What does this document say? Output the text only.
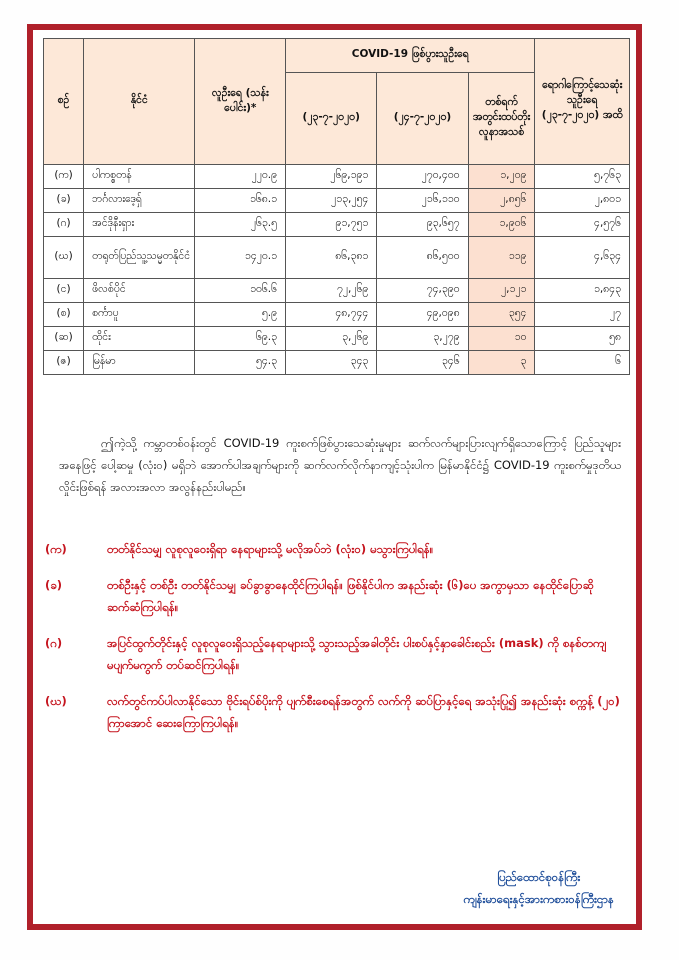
စဉ်	နိုင်ငံ	လူဦးရေ (သန်းပေါင်း)*	COVID-19 ဖြစ်ပွားသူဦးရေ			ရောဂါကြောင့်သေဆုံးသူဦးရေ (၂၃-၇-၂၀၂၀) အထိ
			(၂၃-၇-၂၀၂၀)	(၂၄-၇-၂၀၂၀)	တစ်ရက်အတွင်းထပ်တိုးလူနာအသစ်	
(က)	ပါကစ္စတန်	၂၂၀.၉	၂၆၉,၁၉၁	၂၇၀,၄၀၀	၁,၂၀၉	၅,၇၆၃
(ခ)	ဘင်္ဂလားဒေ့ရှ်	၁၆၈.၁	၂၁၃,၂၅၄	၂၁၆,၁၁၀	၂,၈၅၆	၂,၈၀၁
(ဂ)	အင်ဒိုနီးရှား	၂၆၃.၅	၉၁,၇၅၁	၉၃,၆၅၇	၁,၉၀၆	၄,၅၇၆
(ဃ)	တရုတ်ပြည်သူ့သမ္မတနိုင်ငံ	၁၄၂၀.၁	၈၆,၃၈၁	၈၆,၅၀၀	၁၁၉	၄,၆၃၄
(င)	ဖိလစ်ပိုင်	၁၀၆.၆	၇၂,၂၆၉	၇၄,၃၉၀	၂,၁၂၁	၁,၈၄၃
(စ)	စင်္ကာပူ	၅.၉	၄၈,၇၄၄	၄၉,၀၉၈	၃၅၄	၂၇
(ဆ)	ထိုင်း	၆၉.၃	၃,၂၆၉	၃,၂၇၉	၁၀	၅၈
(ဇ)	မြန်မာ	၅၄.၃	၃၄၃	၃၄၆	၃	၆
ဤကဲ့သို့ ကမ္ဘာတစ်ဝန်းတွင် COVID-19 ကူးစက်ဖြစ်ပွားသေဆုံးမှုများ ဆက်လက်များပြားလျက်ရှိသောကြောင့် ပြည်သူများအနေဖြင့် ပေါ့ဆမှု (လုံး၀) မရှိဘဲ အောက်ပါအချက်များကို ဆက်လက်လိုက်နာကျင့်သုံးပါက မြန်မာနိုင်ငံ၌ COVID-19 ကူးစက်မှုဒုတိယလှိုင်းဖြစ်ရန် အလားအလာ အလွန်နည်းပါမည်။
(က)	တတ်နိုင်သမျှ လူစုလူဝေးရှိရာ နေရာများသို့ မလိုအပ်ဘဲ (လုံး၀) မသွားကြပါရန်။
(ခ)	တစ်ဦးနှင့် တစ်ဦး တတ်နိုင်သမျှ ခပ်ခွာခွာနေထိုင်ကြပါရန်။ ဖြစ်နိုင်ပါက အနည်းဆုံး (၆)ပေ အကွာမှသာ နေထိုင်ပြောဆိုဆက်ဆံကြပါရန်။
(ဂ)	အပြင်ထွက်တိုင်းနှင့် လူစုလူဝေးရှိသည့်နေရာများသို့ သွားသည့်အခါတိုင်း ပါးစပ်နှင့်နှာခေါင်းစည်း (mask) ကို စနစ်တကျ မပျက်မကွက် တပ်ဆင်ကြပါရန်။
(ဃ)	လက်တွင်ကပ်ပါလာနိုင်သော ဗိုင်းရပ်စ်ပိုးကို ပျက်စီးစေရန်အတွက် လက်ကို ဆပ်ပြာနှင့်ရေ အသုံးပြု၍ အနည်းဆုံး စက္ကန့် (၂၀) ကြာအောင် ဆေးကြောကြပါရန်။
ပြည်ထောင်စုဝန်ကြီး
ကျန်းမာရေးနှင့်အားကစားဝန်ကြီးဌာန
